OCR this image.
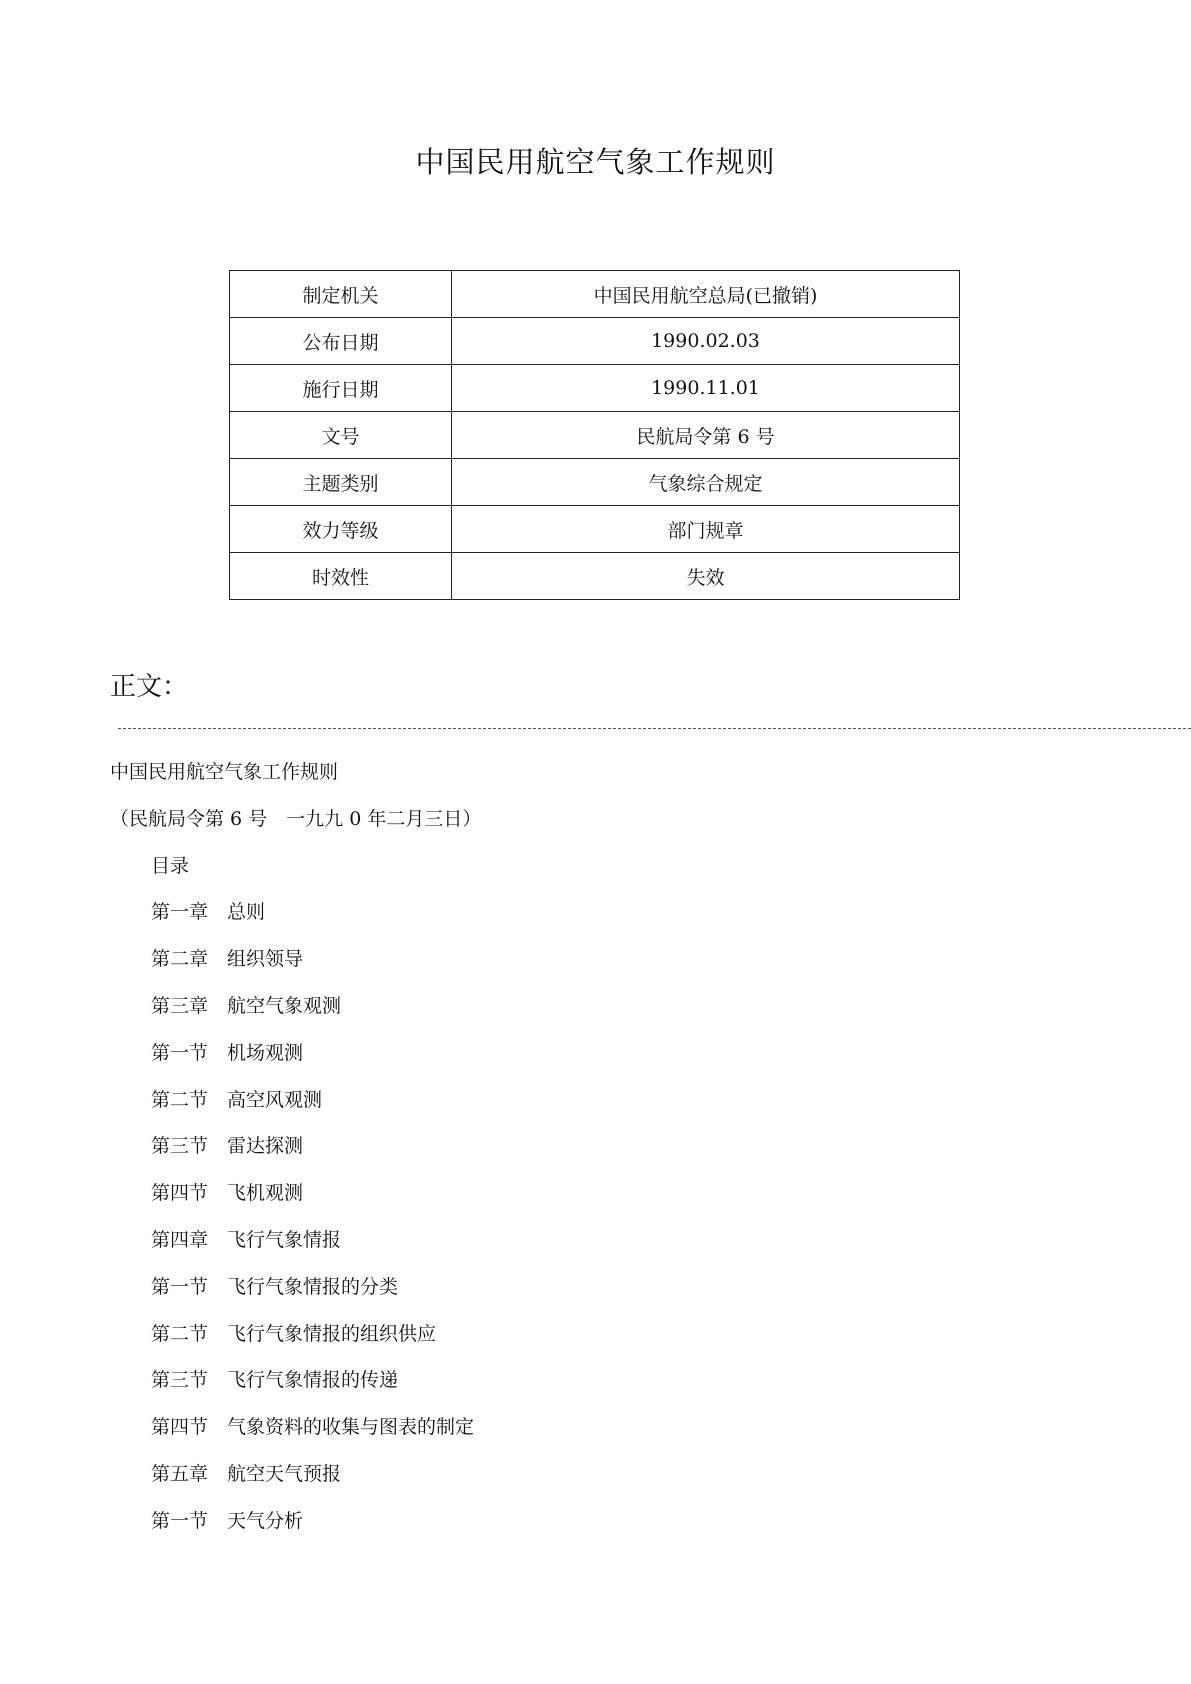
中国民用航空气象工作规则
制定机关	中国民用航空总局(已撤销)
公布日期	1990.02.03
施行日期	1990.11.01
文号	民航局令第 6 号
主题类别	气象综合规定
效力等级	部门规章
时效性	失效
正文：
中国民用航空气象工作规则
（民航局令第 6 号　一九九 0 年二月三日）
目录
第一章　总则
第二章　组织领导
第三章　航空气象观测
第一节　机场观测
第二节　高空风观测
第三节　雷达探测
第四节　飞机观测
第四章　飞行气象情报
第一节　飞行气象情报的分类
第二节　飞行气象情报的组织供应
第三节　飞行气象情报的传递
第四节　气象资料的收集与图表的制定
第五章　航空天气预报
第一节　天气分析
